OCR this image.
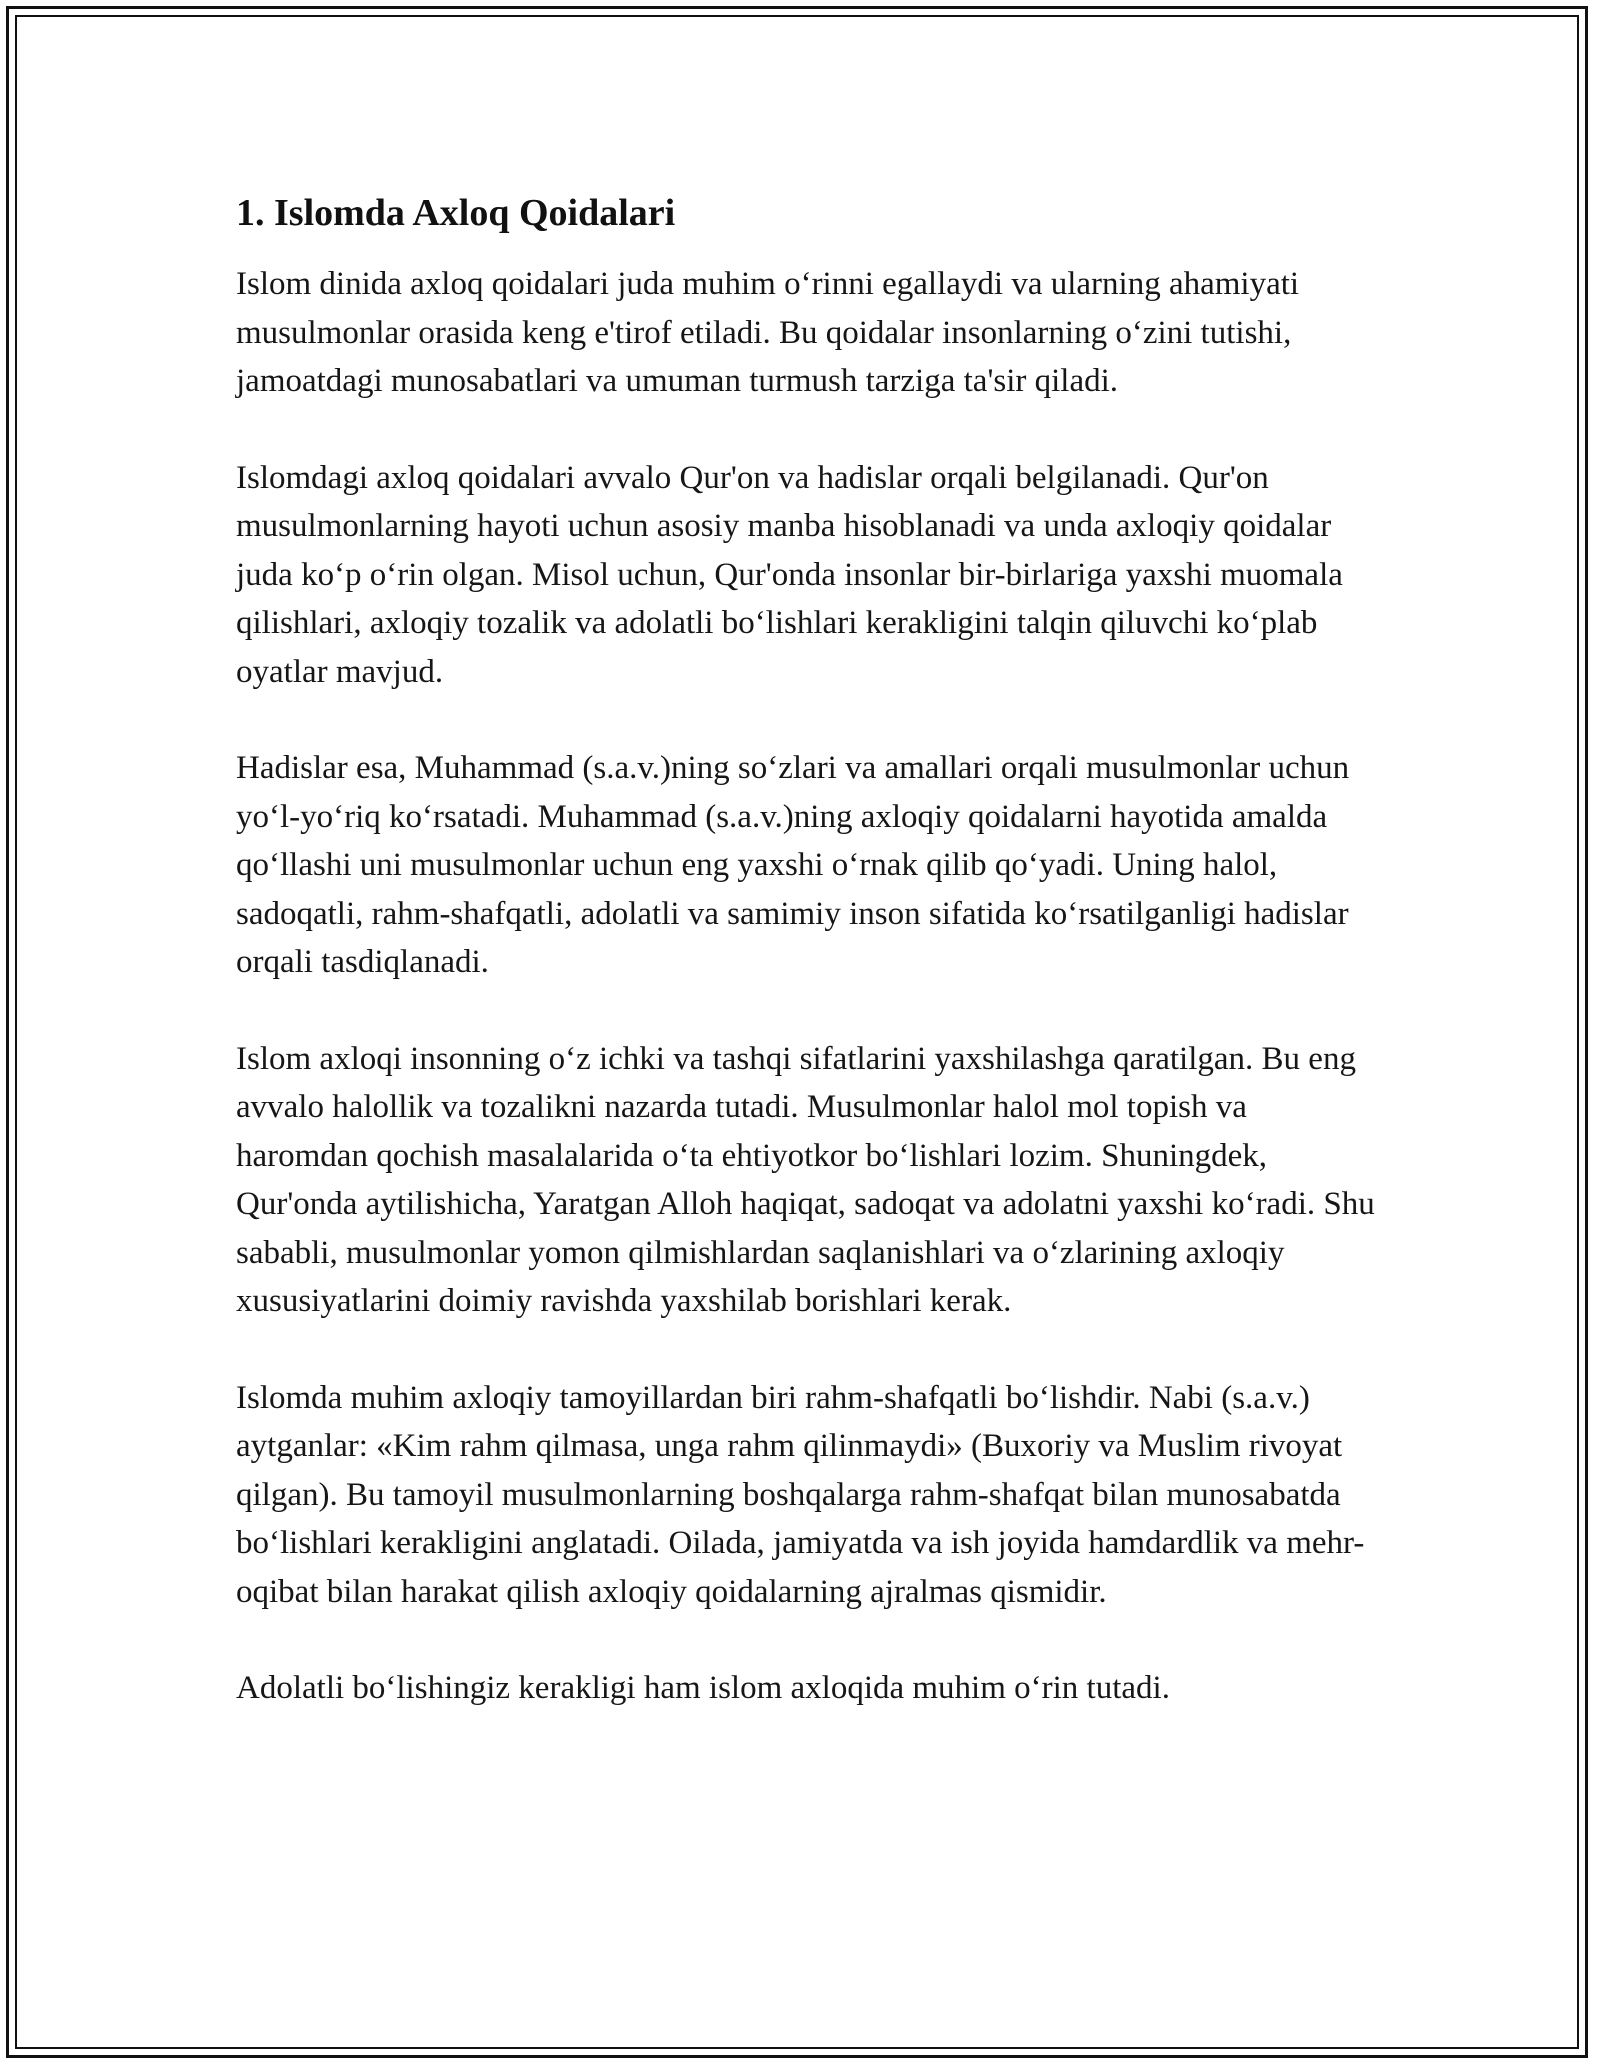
1. Islomda Axloq Qoidalari

Islom dinida axloq qoidalari juda muhim o‘rinni egallaydi va ularning ahamiyati musulmonlar orasida keng e'tirof etiladi. Bu qoidalar insonlarning o‘zini tutishi, jamoatdagi munosabatlari va umuman turmush tarziga ta'sir qiladi.

Islomdagi axloq qoidalari avvalo Qur'on va hadislar orqali belgilanadi. Qur'on musulmonlarning hayoti uchun asosiy manba hisoblanadi va unda axloqiy qoidalar juda ko‘p o‘rin olgan. Misol uchun, Qur'onda insonlar bir-birlariga yaxshi muomala qilishlari, axloqiy tozalik va adolatli bo‘lishlari kerakligini talqin qiluvchi ko‘plab oyatlar mavjud.

Hadislar esa, Muhammad (s.a.v.)ning so‘zlari va amallari orqali musulmonlar uchun yo‘l-yo‘riq ko‘rsatadi. Muhammad (s.a.v.)ning axloqiy qoidalarni hayotida amalda qo‘llashi uni musulmonlar uchun eng yaxshi o‘rnak qilib qo‘yadi. Uning halol, sadoqatli, rahm-shafqatli, adolatli va samimiy inson sifatida ko‘rsatilganligi hadislar orqali tasdiqlanadi.

Islom axloqi insonning o‘z ichki va tashqi sifatlarini yaxshilashga qaratilgan. Bu eng avvalo halollik va tozalikni nazarda tutadi. Musulmonlar halol mol topish va haromdan qochish masalalarida o‘ta ehtiyotkor bo‘lishlari lozim. Shuningdek, Qur'onda aytilishicha, Yaratgan Alloh haqiqat, sadoqat va adolatni yaxshi ko‘radi. Shu sababli, musulmonlar yomon qilmishlardan saqlanishlari va o‘zlarining axloqiy xususiyatlarini doimiy ravishda yaxshilab borishlari kerak.

Islomda muhim axloqiy tamoyillardan biri rahm-shafqatli bo‘lishdir. Nabi (s.a.v.) aytganlar: «Kim rahm qilmasa, unga rahm qilinmaydi» (Buxoriy va Muslim rivoyat qilgan). Bu tamoyil musulmonlarning boshqalarga rahm-shafqat bilan munosabatda bo‘lishlari kerakligini anglatadi. Oilada, jamiyatda va ish joyida hamdardlik va mehr-oqibat bilan harakat qilish axloqiy qoidalarning ajralmas qismidir.

Adolatli bo‘lishingiz kerakligi ham islom axloqida muhim o‘rin tutadi.
